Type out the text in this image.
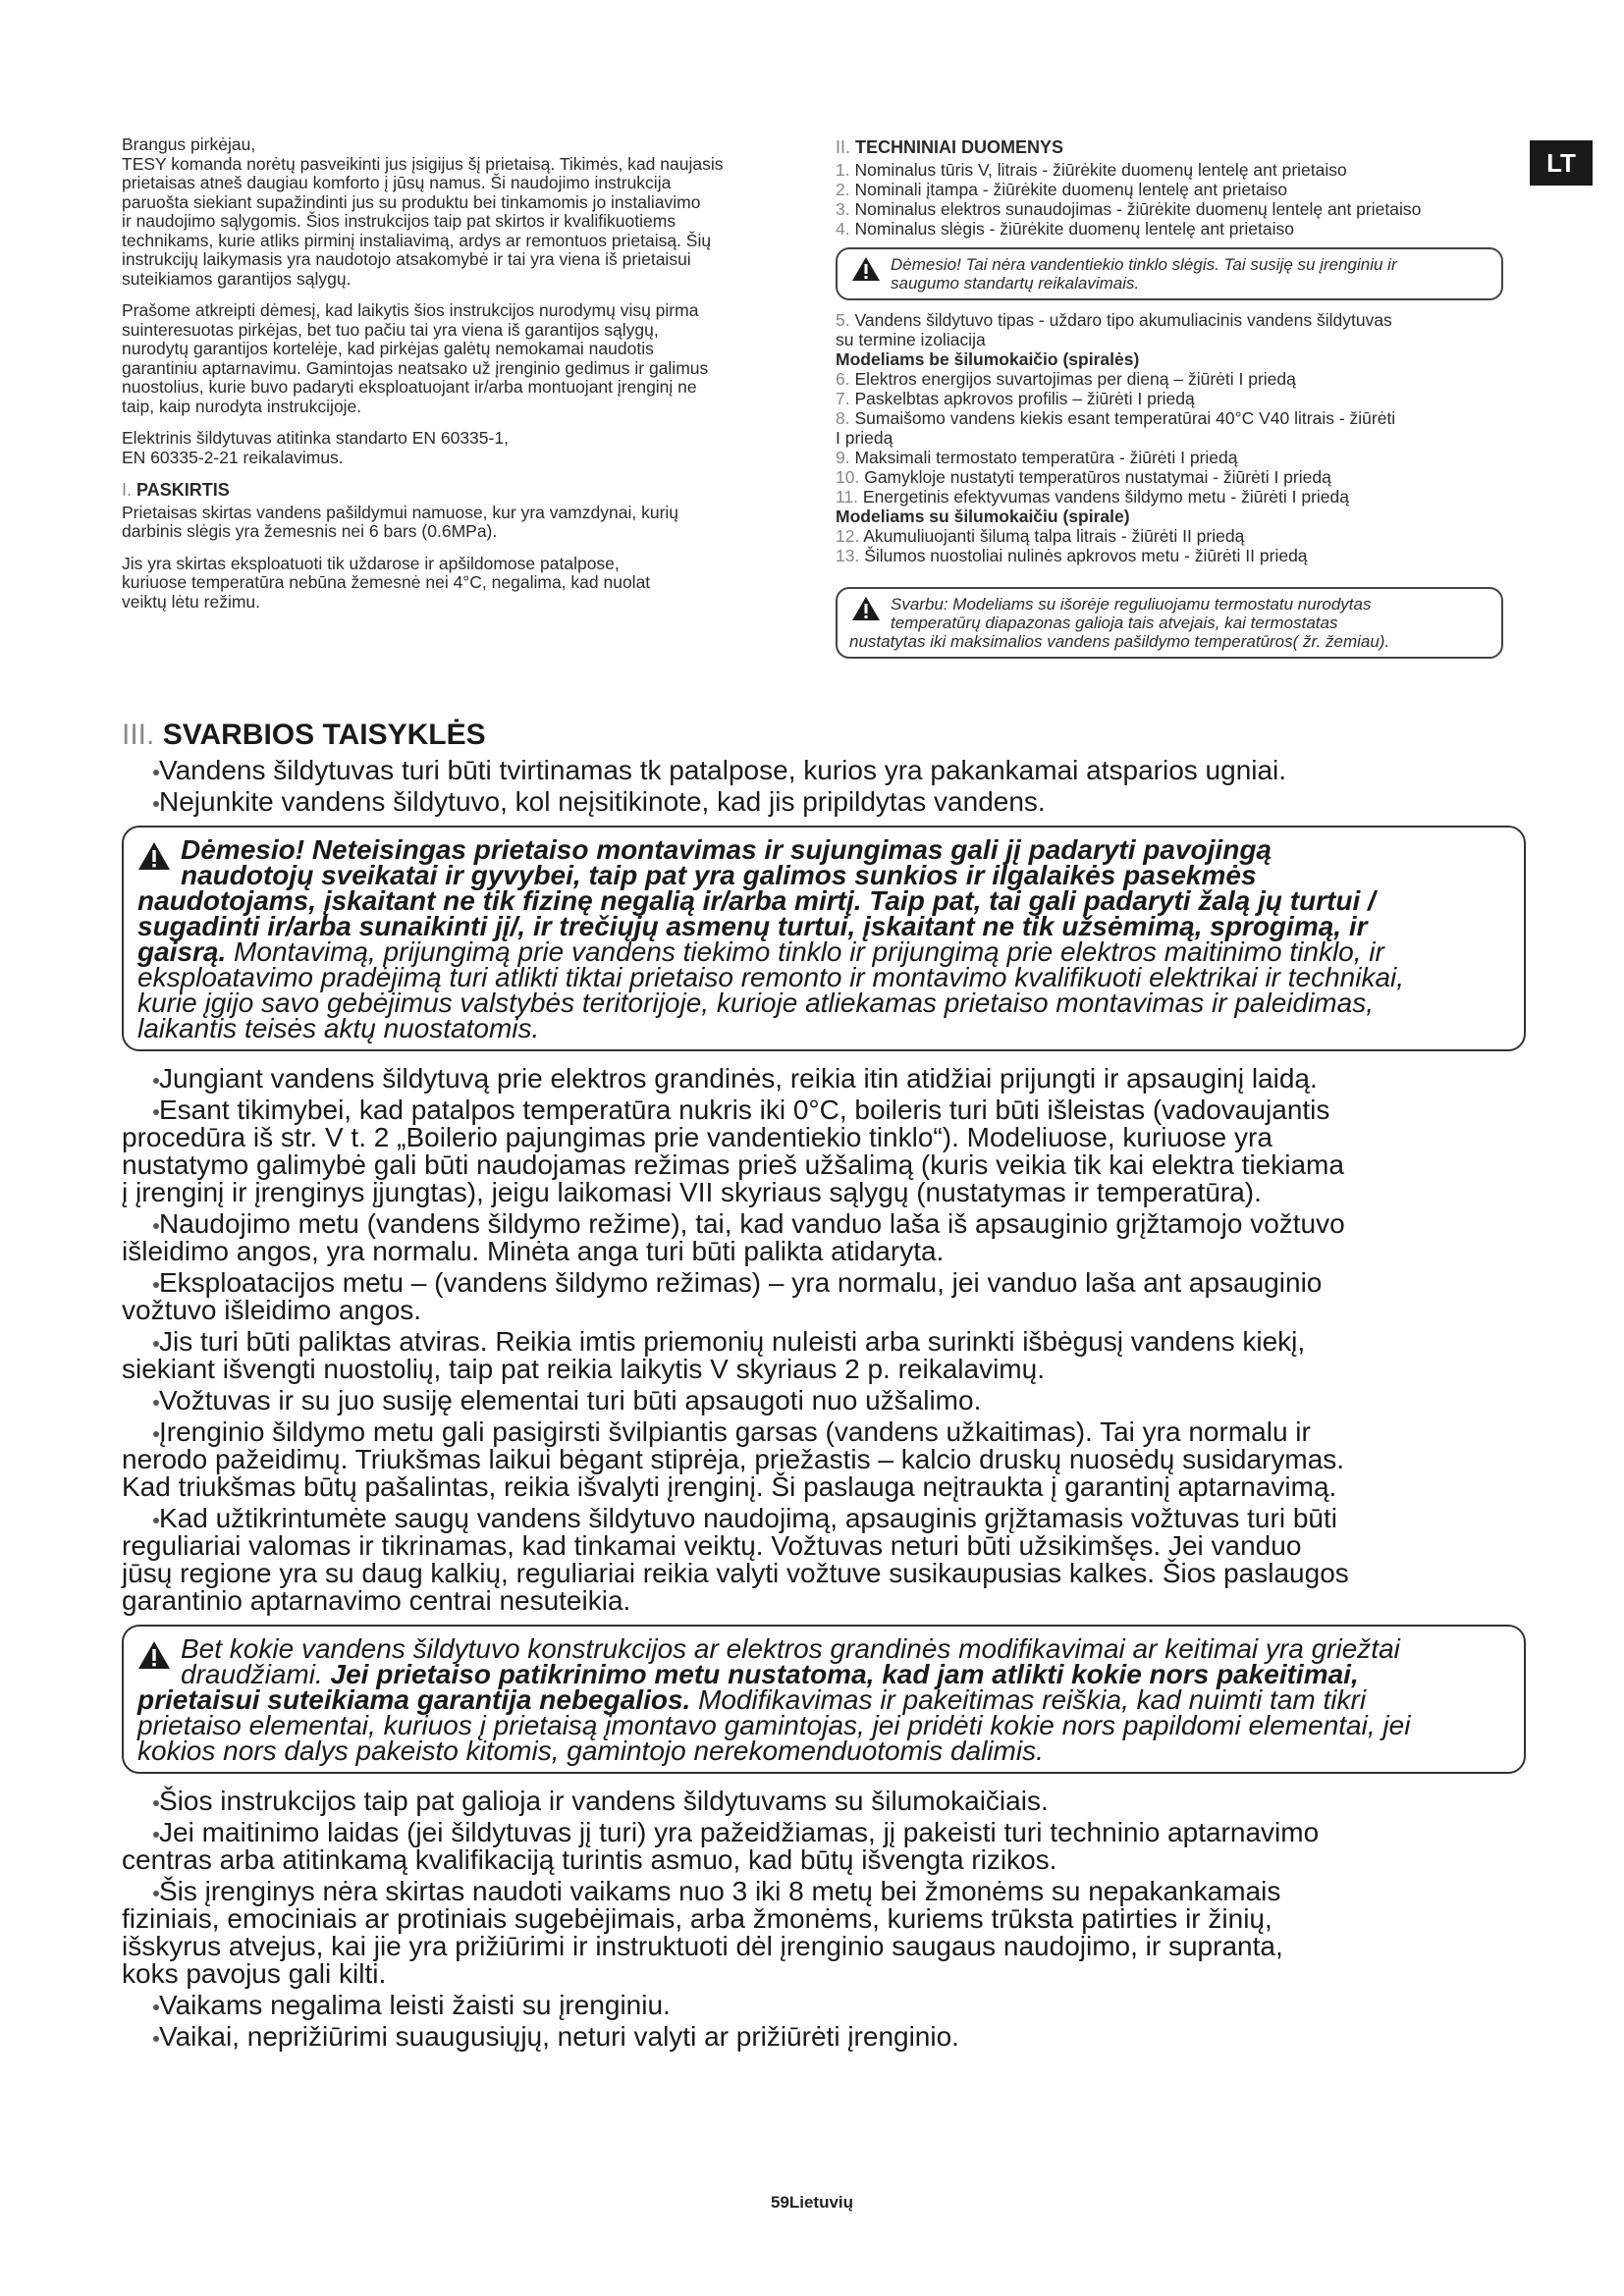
LT

Brangus pirkėjau,
TESY komanda norėtų pasveikinti jus įsigijus šį prietaisą. Tikimės, kad naujasis
prietaisas atneš daugiau komforto į jūsų namus. Ši naudojimo instrukcija
paruošta siekiant supažindinti jus su produktu bei tinkamomis jo instaliavimo
ir naudojimo sąlygomis. Šios instrukcijos taip pat skirtos ir kvalifikuotiems
technikams, kurie atliks pirminį instaliavimą, ardys ar remontuos prietaisą. Šių
instrukcijų laikymasis yra naudotojo atsakomybė ir tai yra viena iš prietaisui
suteikiamos garantijos sąlygų.

Prašome atkreipti dėmesį, kad laikytis šios instrukcijos nurodymų visų pirma
suinteresuotas pirkėjas, bet tuo pačiu tai yra viena iš garantijos sąlygų,
nurodytų garantijos kortelėje, kad pirkėjas galėtų nemokamai naudotis
garantiniu aptarnavimu. Gamintojas neatsako už įrenginio gedimus ir galimus
nuostolius, kurie buvo padaryti eksploatuojant ir/arba montuojant įrenginį ne
taip, kaip nurodyta instrukcijoje.

Elektrinis šildytuvas atitinka standarto EN 60335-1,
EN 60335-2-21 reikalavimus.

I. PASKIRTIS

Prietaisas skirtas vandens pašildymui namuose, kur yra vamzdynai, kurių
darbinis slėgis yra žemesnis nei 6 bars (0.6MPa).

Jis yra skirtas eksploatuoti tik uždarose ir apšildomose patalpose,
kuriuose temperatūra nebūna žemesnė nei 4°C, negalima, kad nuolat
veiktų lėtu režimu.

II. TECHNINIAI DUOMENYS
1. Nominalus tūris V, litrais - žiūrėkite duomenų lentelę ant prietaiso
2. Nominali įtampa - žiūrėkite duomenų lentelę ant prietaiso
3. Nominalus elektros sunaudojimas - žiūrėkite duomenų lentelę ant prietaiso
4. Nominalus slėgis - žiūrėkite duomenų lentelę ant prietaiso
Dėmesio! Tai nėra vandentiekio tinklo slėgis. Tai susiję su įrenginiu ir
saugumo standartų reikalavimais.
5. Vandens šildytuvo tipas - uždaro tipo akumuliacinis vandens šildytuvas
su termine izoliacija
Modeliams be šilumokaičio (spiralės)
6. Elektros energijos suvartojimas per dieną – žiūrėti I priedą
7. Paskelbtas apkrovos profilis – žiūrėti I priedą
8. Sumaišomo vandens kiekis esant temperatūrai 40°C V40 litrais - žiūrėti
I priedą
9. Maksimali termostato temperatūra - žiūrėti I priedą
10. Gamykloje nustatyti temperatūros nustatymai - žiūrėti I priedą
11. Energetinis efektyvumas vandens šildymo metu - žiūrėti I priedą
Modeliams su šilumokaičiu (spirale)
12. Akumuliuojanti šilumą talpa litrais - žiūrėti II priedą
13. Šilumos nuostoliai nulinės apkrovos metu - žiūrėti II priedą
Svarbu: Modeliams su išorėje reguliuojamu termostatu nurodytas
temperatūrų diapazonas galioja tais atvejais, kai termostatas
nustatytas iki maksimalios vandens pašildymo temperatūros( žr. žemiau).
III. SVARBIOS TAISYKLĖS
Vandens šildytuvas turi būti tvirtinamas tk patalpose, kurios yra pakankamai atsparios ugniai.
Nejunkite vandens šildytuvo, kol neįsitikinote, kad jis pripildytas vandens.
Dėmesio! Neteisingas prietaiso montavimas ir sujungimas gali jį padaryti pavojingą
naudotojų sveikatai ir gyvybei, taip pat yra galimos sunkios ir ilgalaikės pasekmės
naudotojams, įskaitant ne tik fizinę negalią ir/arba mirtį. Taip pat, tai gali padaryti žalą jų turtui /
sugadinti ir/arba sunaikinti jį/, ir trečiųjų asmenų turtui, įskaitant ne tik užsėmimą, sprogimą, ir
gaisrą. Montavimą, prijungimą prie vandens tiekimo tinklo ir prijungimą prie elektros maitinimo tinklo, ir
eksploatavimo pradėjimą turi atlikti tiktai prietaiso remonto ir montavimo kvalifikuoti elektrikai ir technikai,
kurie įgijo savo gebėjimus valstybės teritorijoje, kurioje atliekamas prietaiso montavimas ir paleidimas,
laikantis teisės aktų nuostatomis.
Jungiant vandens šildytuvą prie elektros grandinės, reikia itin atidžiai prijungti ir apsauginį laidą.
Esant tikimybei, kad patalpos temperatūra nukris iki 0°C, boileris turi būti išleistas (vadovaujantis
procedūra iš str. V t. 2 „Boilerio pajungimas prie vandentiekio tinklo“). Modeliuose, kuriuose yra
nustatymo galimybė gali būti naudojamas režimas prieš užšalimą (kuris veikia tik kai elektra tiekiama
į įrenginį ir įrenginys įjungtas), jeigu laikomasi VII skyriaus sąlygų (nustatymas ir temperatūra).
Naudojimo metu (vandens šildymo režime), tai, kad vanduo laša iš apsauginio grįžtamojo vožtuvo
išleidimo angos, yra normalu. Minėta anga turi būti palikta atidaryta.
Eksploatacijos metu – (vandens šildymo režimas) – yra normalu, jei vanduo laša ant apsauginio
vožtuvo išleidimo angos.
Jis turi būti paliktas atviras. Reikia imtis priemonių nuleisti arba surinkti išbėgusį vandens kiekį,
siekiant išvengti nuostolių, taip pat reikia laikytis V skyriaus 2 p. reikalavimų.
Vožtuvas ir su juo susiję elementai turi būti apsaugoti nuo užšalimo.
Įrenginio šildymo metu gali pasigirsti švilpiantis garsas (vandens užkaitimas). Tai yra normalu ir
nerodo pažeidimų. Triukšmas laikui bėgant stiprėja, priežastis – kalcio druskų nuosėdų susidarymas.
Kad triukšmas būtų pašalintas, reikia išvalyti įrenginį. Ši paslauga neįtraukta į garantinį aptarnavimą.
Kad užtikrintumėte saugų vandens šildytuvo naudojimą, apsauginis grįžtamasis vožtuvas turi būti
reguliariai valomas ir tikrinamas, kad tinkamai veiktų. Vožtuvas neturi būti užsikimšęs. Jei vanduo
jūsų regione yra su daug kalkių, reguliariai reikia valyti vožtuve susikaupusias kalkes. Šios paslaugos
garantinio aptarnavimo centrai nesuteikia.
Bet kokie vandens šildytuvo konstrukcijos ar elektros grandinės modifikavimai ar keitimai yra griežtai
draudžiami. Jei prietaiso patikrinimo metu nustatoma, kad jam atlikti kokie nors pakeitimai,
prietaisui suteikiama garantija nebegalios. Modifikavimas ir pakeitimas reiškia, kad nuimti tam tikri
prietaiso elementai, kuriuos į prietaisą įmontavo gamintojas, jei pridėti kokie nors papildomi elementai, jei
kokios nors dalys pakeisto kitomis, gamintojo nerekomenduotomis dalimis.
Šios instrukcijos taip pat galioja ir vandens šildytuvams su šilumokaičiais.
Jei maitinimo laidas (jei šildytuvas jį turi) yra pažeidžiamas, jį pakeisti turi techninio aptarnavimo
centras arba atitinkamą kvalifikaciją turintis asmuo, kad būtų išvengta rizikos.
Šis įrenginys nėra skirtas naudoti vaikams nuo 3 iki 8 metų bei žmonėms su nepakankamais
fiziniais, emociniais ar protiniais sugebėjimais, arba žmonėms, kuriems trūksta patirties ir žinių,
išskyrus atvejus, kai jie yra prižiūrimi ir instruktuoti dėl įrenginio saugaus naudojimo, ir supranta,
koks pavojus gali kilti.
Vaikams negalima leisti žaisti su įrenginiu.
Vaikai, neprižiūrimi suaugusiųjų, neturi valyti ar prižiūrėti įrenginio.
59Lietuvių
